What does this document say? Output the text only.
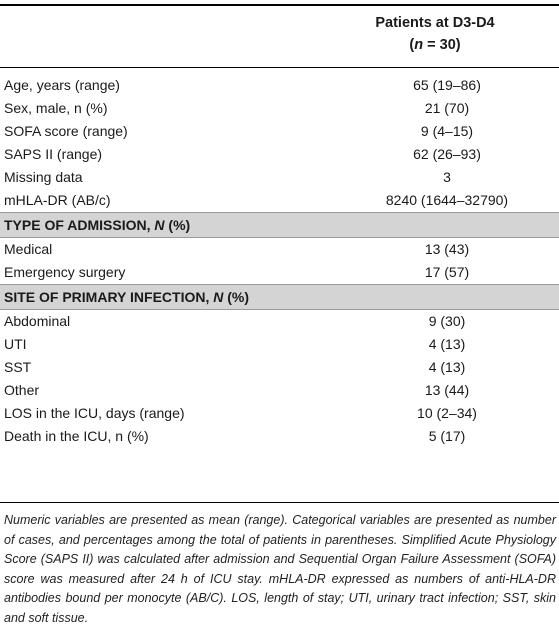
Patients at D3-D4
(n = 30)
Age, years (range)	65 (19–86)
Sex, male, n (%)	21 (70)
SOFA score (range)	9 (4–15)
SAPS II (range)	62 (26–93)
Missing data	3
mHLA-DR (AB/c)	8240 (1644–32790)
TYPE OF ADMISSION, N (%)	
Medical	13 (43)
Emergency surgery	17 (57)
SITE OF PRIMARY INFECTION, N (%)	
Abdominal	9 (30)
UTI	4 (13)
SST	4 (13)
Other	13 (44)
LOS in the ICU, days (range)	10 (2–34)
Death in the ICU, n (%)	5 (17)
Numeric variables are presented as mean (range). Categorical variables are presented as number of cases, and percentages among the total of patients in parentheses. Simplified Acute Physiology Score (SAPS II) was calculated after admission and Sequential Organ Failure Assessment (SOFA) score was measured after 24 h of ICU stay. mHLA-DR expressed as numbers of anti-HLA-DR antibodies bound per monocyte (AB/C). LOS, length of stay; UTI, urinary tract infection; SST, skin and soft tissue.
